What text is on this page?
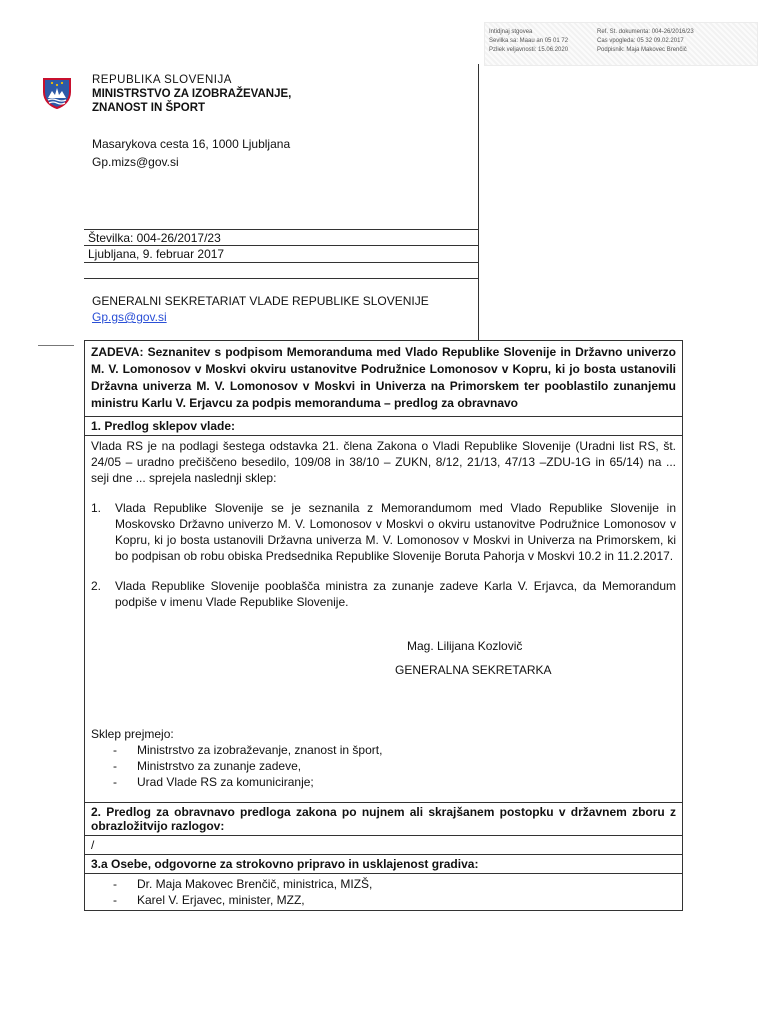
Intidjnaj stgovea
Ševilka sa: Maau an 05 01 72
Pzliek veljavnosti: 15.06.2020
Ref. St. dokumenta: 004-26/2016/23
Čas vpogleda: 05 32 09.02.2017
Podpisnik: Maja Makovec Brenčič
REPUBLIKA SLOVENIJA
MINISTRSTVO ZA IZOBRAŽEVANJE,
ZNANOST IN ŠPORT
Masarykova cesta 16, 1000 Ljubljana
Gp.mizs@gov.si
Številka: 004-26/2017/23
Ljubljana, 9. februar 2017
GENERALNI SEKRETARIAT VLADE REPUBLIKE SLOVENIJE
Gp.gs@gov.si
ZADEVA: Seznanitev s podpisom Memoranduma med Vlado Republike Slovenije in Državno univerzo M. V. Lomonosov v Moskvi okviru ustanovitve Podružnice Lomonosov v Kopru, ki jo bosta ustanovili Državna univerza M. V. Lomonosov v Moskvi in Univerza na Primorskem ter pooblastilo zunanjemu ministru Karlu V. Erjavcu za podpis memoranduma – predlog za obravnavo
1. Predlog sklepov vlade:

Vlada RS je na podlagi šestega odstavka 21. člena Zakona o Vladi Republike Slovenije (Uradni list RS, št. 24/05 – uradno prečiščeno besedilo, 109/08 in 38/10 – ZUKN, 8/12, 21/13, 47/13 –ZDU-1G in 65/14) na ... seji dne ... sprejela naslednji sklep:

1. Vlada Republike Slovenije se je seznanila z Memorandumom med Vlado Republike Slovenije in Moskovsko Državno univerzo M. V. Lomonosov v Moskvi o okviru ustanovitve Podružnice Lomonosov v Kopru, ki jo bosta ustanovili Državna univerza M. V. Lomonosov v Moskvi in Univerza na Primorskem, ki bo podpisan ob robu obiska Predsednika Republike Slovenije Boruta Pahorja v Moskvi 10.2 in 11.2.2017.
2. Vlada Republike Slovenije pooblašča ministra za zunanje zadeve Karla V. Erjavca, da Memorandum podpiše v imenu Vlade Republike Slovenije.
Mag. Lilijana Kozlovič
GENERALNA SEKRETARKA
Sklep prejmejo:
- Ministrstvo za izobraževanje, znanost in šport,
- Ministrstvo za zunanje zadeve,
- Urad Vlade RS za komuniciranje;
2. Predlog za obravnavo predloga zakona po nujnem ali skrajšanem postopku v državnem zboru z obrazložitvijo razlogov:
/
3.a Osebe, odgovorne za strokovno pripravo in usklajenost gradiva:
- Dr. Maja Makovec Brenčič, ministrica, MIZŠ,
- Karel V. Erjavec, minister, MZZ,
